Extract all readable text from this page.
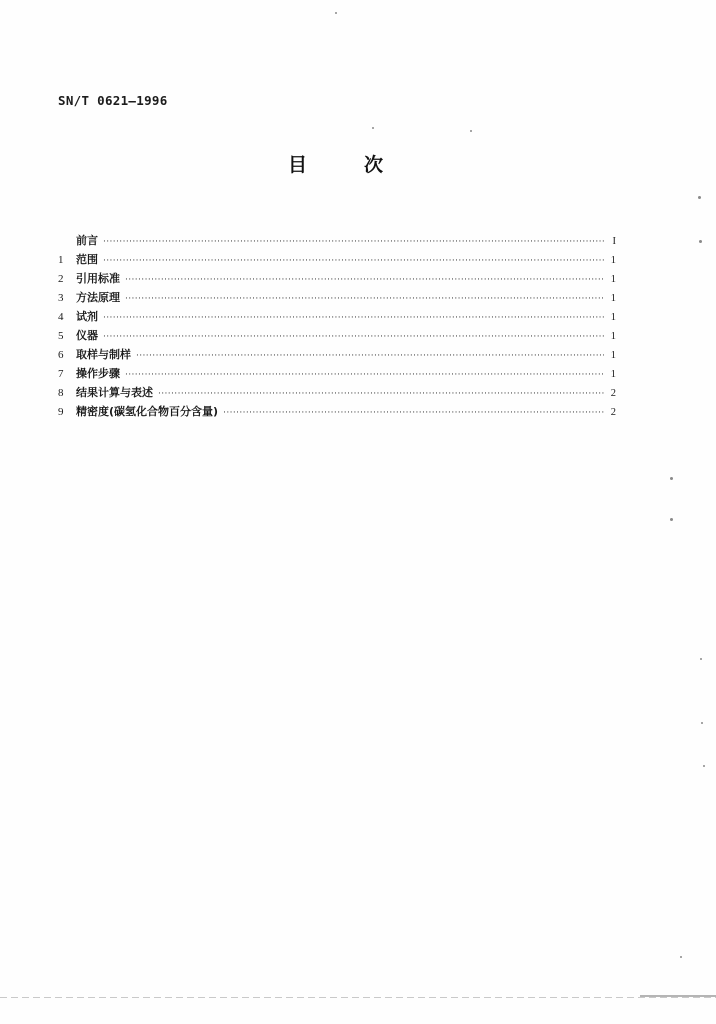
SN/T 0621—1996
目	次
前言 ·····	I
1	范围 ·····	1
2	引用标准 ·····	1
3	方法原理 ·····	1
4	试剂 ·····	1
5	仪器 ·····	1
6	取样与制样 ·····	1
7	操作步骤 ·····	1
8	结果计算与表述 ·····	2
9	精密度(碳氢化合物百分含量) ·····	2
